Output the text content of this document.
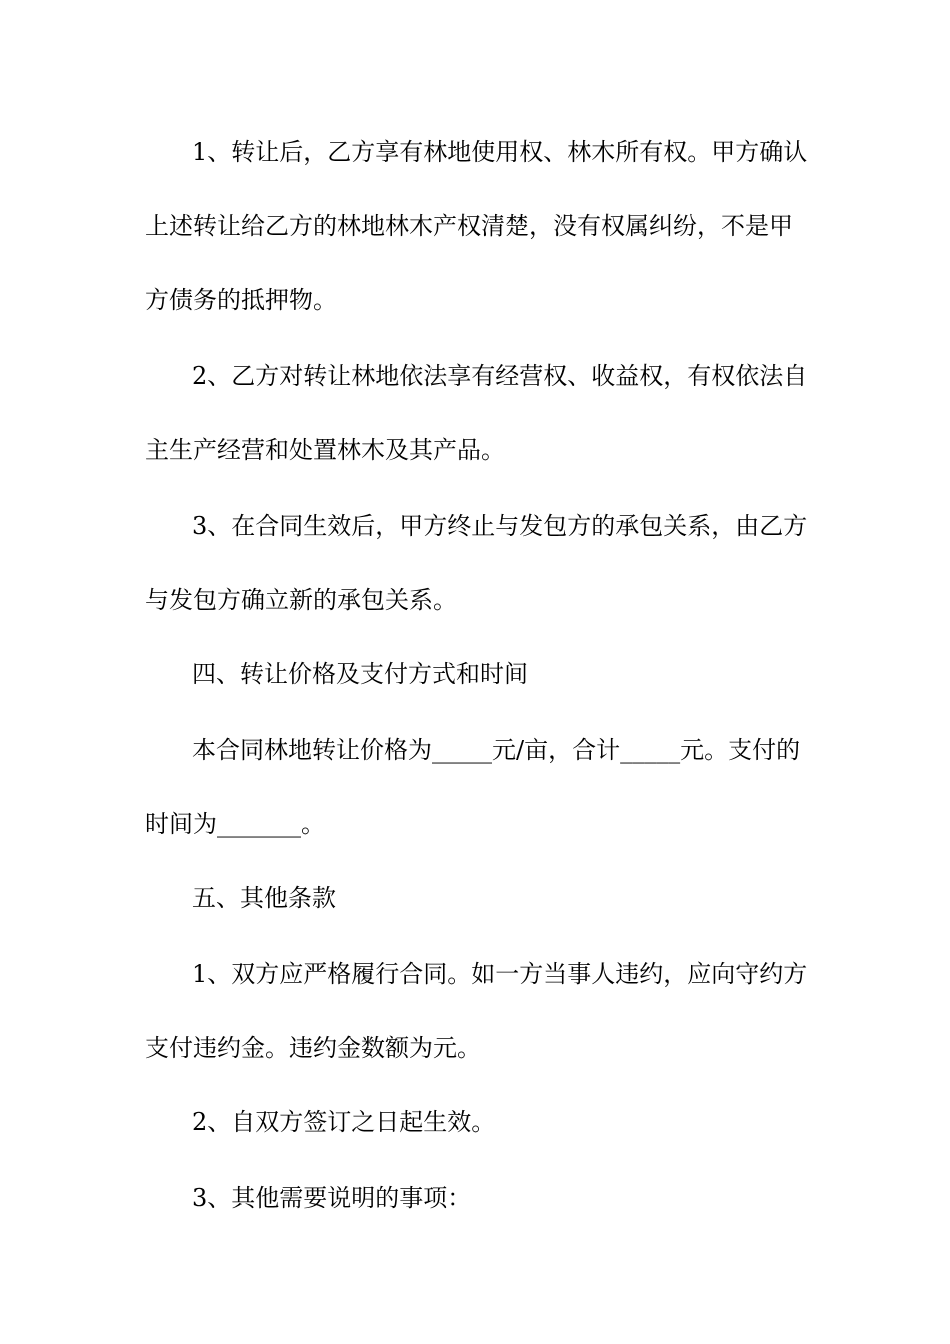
1、转让后，乙方享有林地使用权、林木所有权。甲方确认
上述转让给乙方的林地林木产权清楚，没有权属纠纷，不是甲
方债务的抵押物。
2、乙方对转让林地依法享有经营权、收益权，有权依法自
主生产经营和处置林木及其产品。
3、在合同生效后，甲方终止与发包方的承包关系，由乙方
与发包方确立新的承包关系。
四、转让价格及支付方式和时间
本合同林地转让价格为_____元/亩，合计_____元。支付的
时间为_______。
五、其他条款
1、双方应严格履行合同。如一方当事人违约，应向守约方
支付违约金。违约金数额为元。
2、自双方签订之日起生效。
3、其他需要说明的事项：
